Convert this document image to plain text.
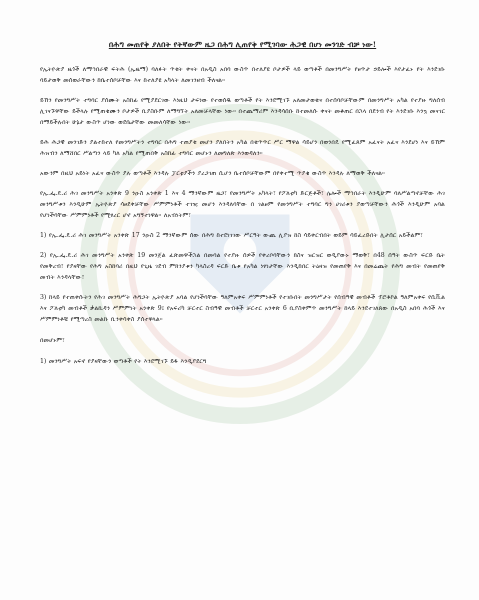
በሕግ መጠየቅ ያለበት የትኛውም ዜጋ በሕግ ሊጠየቅ የሚገባው ሕጋዊ በሆነ መንገድ ብቻ ነው!

የኢትዮጵያ ዜጎች ለማኅበራዊ ፍትሕ (ኢዜማ) ባለፉት ጥቂት ቀናት በአዲስ አበባ ውስጥ በተለያዩ ቦታዎች ላይ ወጣቶች በመንግሥት የፀጥታ ኃይሎች እየታፈኑ የት እንደገቡ ባይታወቅ መሰወራቸውን ከቤተሰቦቻቸው እና ከተለያዩ አካላት ለመገንዘብ ችለናል።

ይኸን የመንግሥት ተግባር ያሰሙት አስከፊ የሚያደርገው እነዚህ ታፍነው የተወሰዱ ወጣቶች የት እንደሚገኙ አለመታወቁና በተሰባቦቻቸውም በመንግሥት አካል የተያዙ ግለሰብ ሊገናኙዋቸው ይችላሉ የሚጠቁሙን ቦታዎች ቢያስቡም ለማግኘት አለመቻላቸው ነው። በተጨማሪም እንዳሳሰቡ ከተመለሱ ቀናት መቆጠር በኋላ በደንብ የት እንደገቡ እንኳ መናገር በማይችሉበት ሁኔታ ውስጥ ሆነው ወደቤታቸው መመለሳቸው ነው።

ይሕ ሕጋዊ መንገድን ያልተከተለ የመንግሥትን ተግባር በሕግ ተጠያቂ መሆን ያለበትን አካል በቁጥጥር ሥር ማዋል ሳይሆን በወንበዴ የሚፈጸም አፈናት አፈና እንደሆነ እና ይኸም ሕዝብን ለማሸበር ሥልጣን ላይ ካለ አካል የሚጠበቅ አስከፊ ተግባር መሆኑን ለመግለጽ እንወዳለን።

አውንም በዚህ አይነት አፈና ውስጥ ያሉ ወጣቶች እንዳሉ ፓርቲያችን ያረጋገጠ ሲሆን ቤተሰቦቻቸውም በየቀተሚ ጥያቄ ውስጥ እንዳሉ ለማወቅ ችለናል።

የኢ.ፌ.ዴ.ሪ ሕገ መንግሥት አንቀጽ 9 ንዑስ አንቀጽ 1 እና 4 ማንኛውም ዜጋ፣ የመንግሥት አካላት፣ የፖለቲካ ድርጅቶች፣ ሌሎች ማኅበራት እንዲሁም ባለሥልጣኖቻቸው ሕገ መንግሥቱን እንዲሁም ኢትዮጵያ ሳፀደቀቻቸው ሥምምነቶች ተገዢ መሆን እንዳለባቸው በ ገልፀም የመንግሥት ተግባር ግን ሀገሪቱን ያወጣቻቸውን ሕጎች እንዲሁም አባል የሆነችባቸው ሥምምነቶች የሚፃረር ሆኖ አግኝተነዋል። ለአብነትም፣

1) የኢ.ፌ.ዴ.ሪ ሕገ መንግሥት አንቀጽ 17 ንዑስ 2 ማንኛውም ሰው በሕግ ከተደነገገው ሥርዓት ውጪ ሊያዝ ከስ ሳይቀርብበት ወይም ሳይፈረድበት ሊታሰር አይችልም፣

2) የኢ.ፌ.ዴ.ሪ ሕገ መንግሥት አንቀጽ 19 መንጀል ፈጽመዋችኋል በመባል የተያዙ ሰዎች የቀረቦባቸውን ክስና ዝርዝር ወዲያውኑ ማወቅ፣ በ48 ሰዓት ውስጥ ፍርድ ቤት የመቅረብ፣ የያዛቸው የሕግ አስከባሪ በዚህ የጊዜ ገደብ ምክንያቱን ካላስረዳ ፍርድ ቤቱ የአካል ነፃነታቸው እንዲከበር ትዕዛዝ የመጠየቅ እና በመሬጨት የሕግ መብት የመጠየቅ መብት እንዳላቸው፣

3) ከላይ የተጠቀሱትን የሕገ መንግሥት ሕግጋት ኢትዮጵያ አባል የሆነችባቸው ዓለምአቀፍ ሥምምነቶች የተገቡበት መንግሥታት የሰብዓዊ መብቶች ፕሮቶኮል ዓለምአቀፍ የሲቪል እና ፖለቲካ መብቶች ቃልኪዳን ሥምምነት አንቀጽ 9፤ የአፍሪካ ቻርተር ስብዓዊ መብቶች ቻርተር አንቀጽ 6 ቢያስቀምጥ መንግሥት ከላይ እንደተገለጸው በአዲስ አበባ ሕጎች እና ሥምምነቶቹ የሚጣረስ መልኩ ቢንቀሳቀስ ያሰተዋላል።

በመሆኑም፣

1) መንግሥት አፍኖ የያዛቸውን ወጣቶች የት እንደሚገኙ ይፋ እንዲያደርግ
